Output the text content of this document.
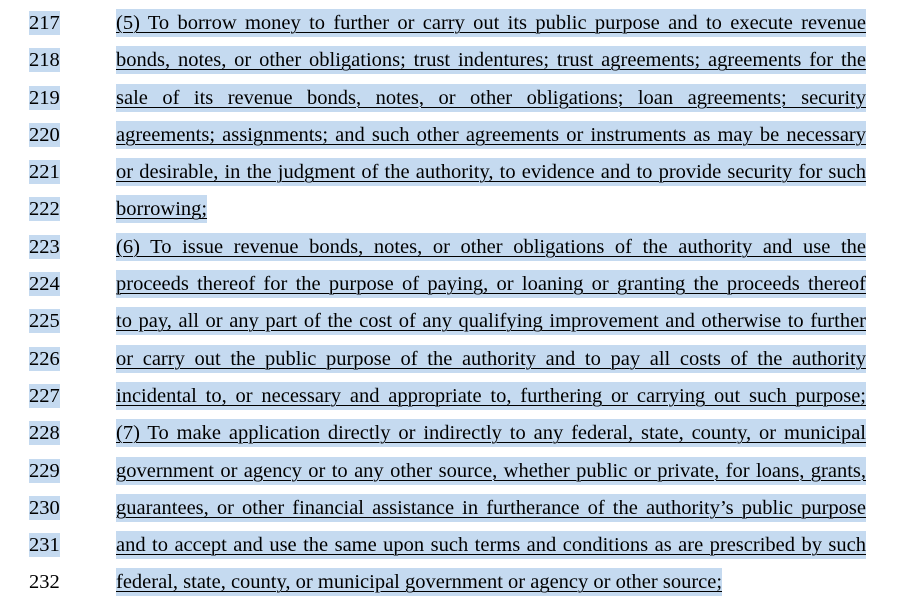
217	(5) To borrow money to further or carry out its public purpose and to execute revenue
218	bonds, notes, or other obligations; trust indentures; trust agreements; agreements for the
219	sale of its revenue bonds, notes, or other obligations; loan agreements; security
220	agreements; assignments; and such other agreements or instruments as may be necessary
221	or desirable, in the judgment of the authority, to evidence and to provide security for such
222	borrowing;
223	(6) To issue revenue bonds, notes, or other obligations of the authority and use the
224	proceeds thereof for the purpose of paying, or loaning or granting the proceeds thereof
225	to pay, all or any part of the cost of any qualifying improvement and otherwise to further
226	or carry out the public purpose of the authority and to pay all costs of the authority
227	incidental to, or necessary and appropriate to, furthering or carrying out such purpose;
228	(7) To make application directly or indirectly to any federal, state, county, or municipal
229	government or agency or to any other source, whether public or private, for loans, grants,
230	guarantees, or other financial assistance in furtherance of the authority’s public purpose
231	and to accept and use the same upon such terms and conditions as are prescribed by such
232	federal, state, county, or municipal government or agency or other source;
